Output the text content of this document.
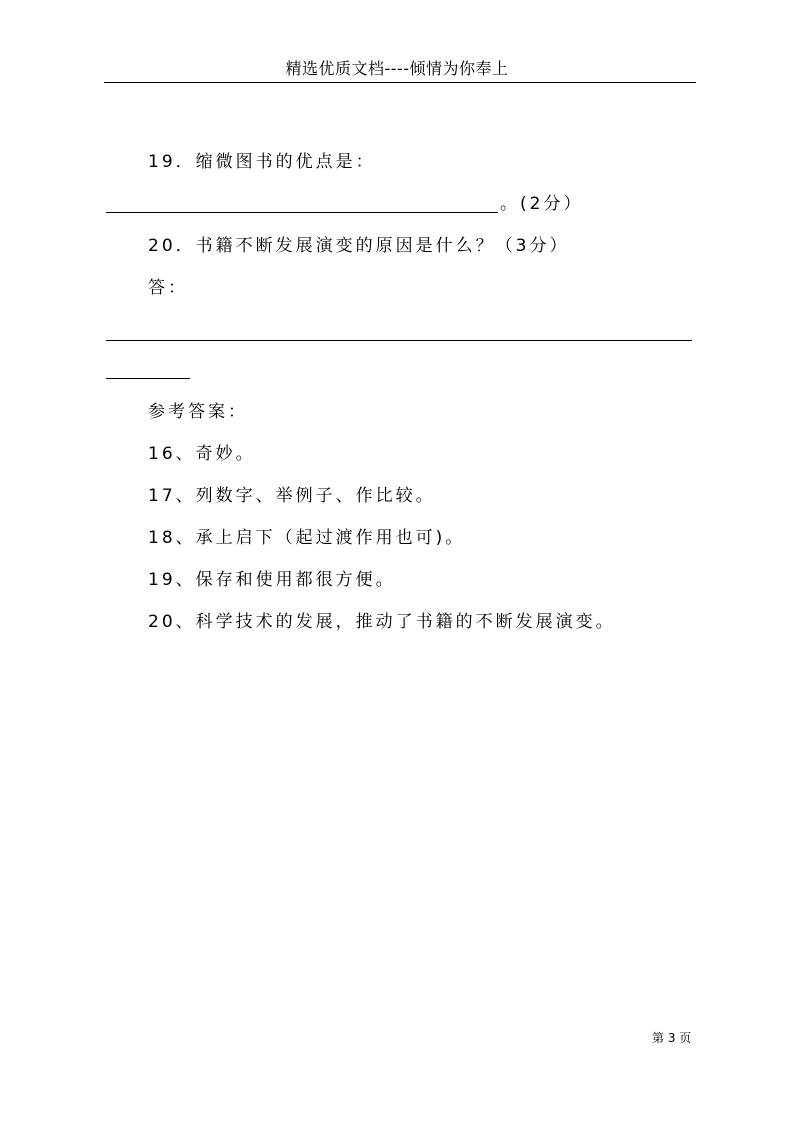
精选优质文档----倾情为你奉上
19．缩微图书的优点是：
。(2分）
20．书籍不断发展演变的原因是什么？（3分）
答：
参考答案：
16、奇妙。
17、列数字、举例子、作比较。
18、承上启下（起过渡作用也可)。
19、保存和使用都很方便。
20、科学技术的发展，推动了书籍的不断发展演变。
第 3 页
